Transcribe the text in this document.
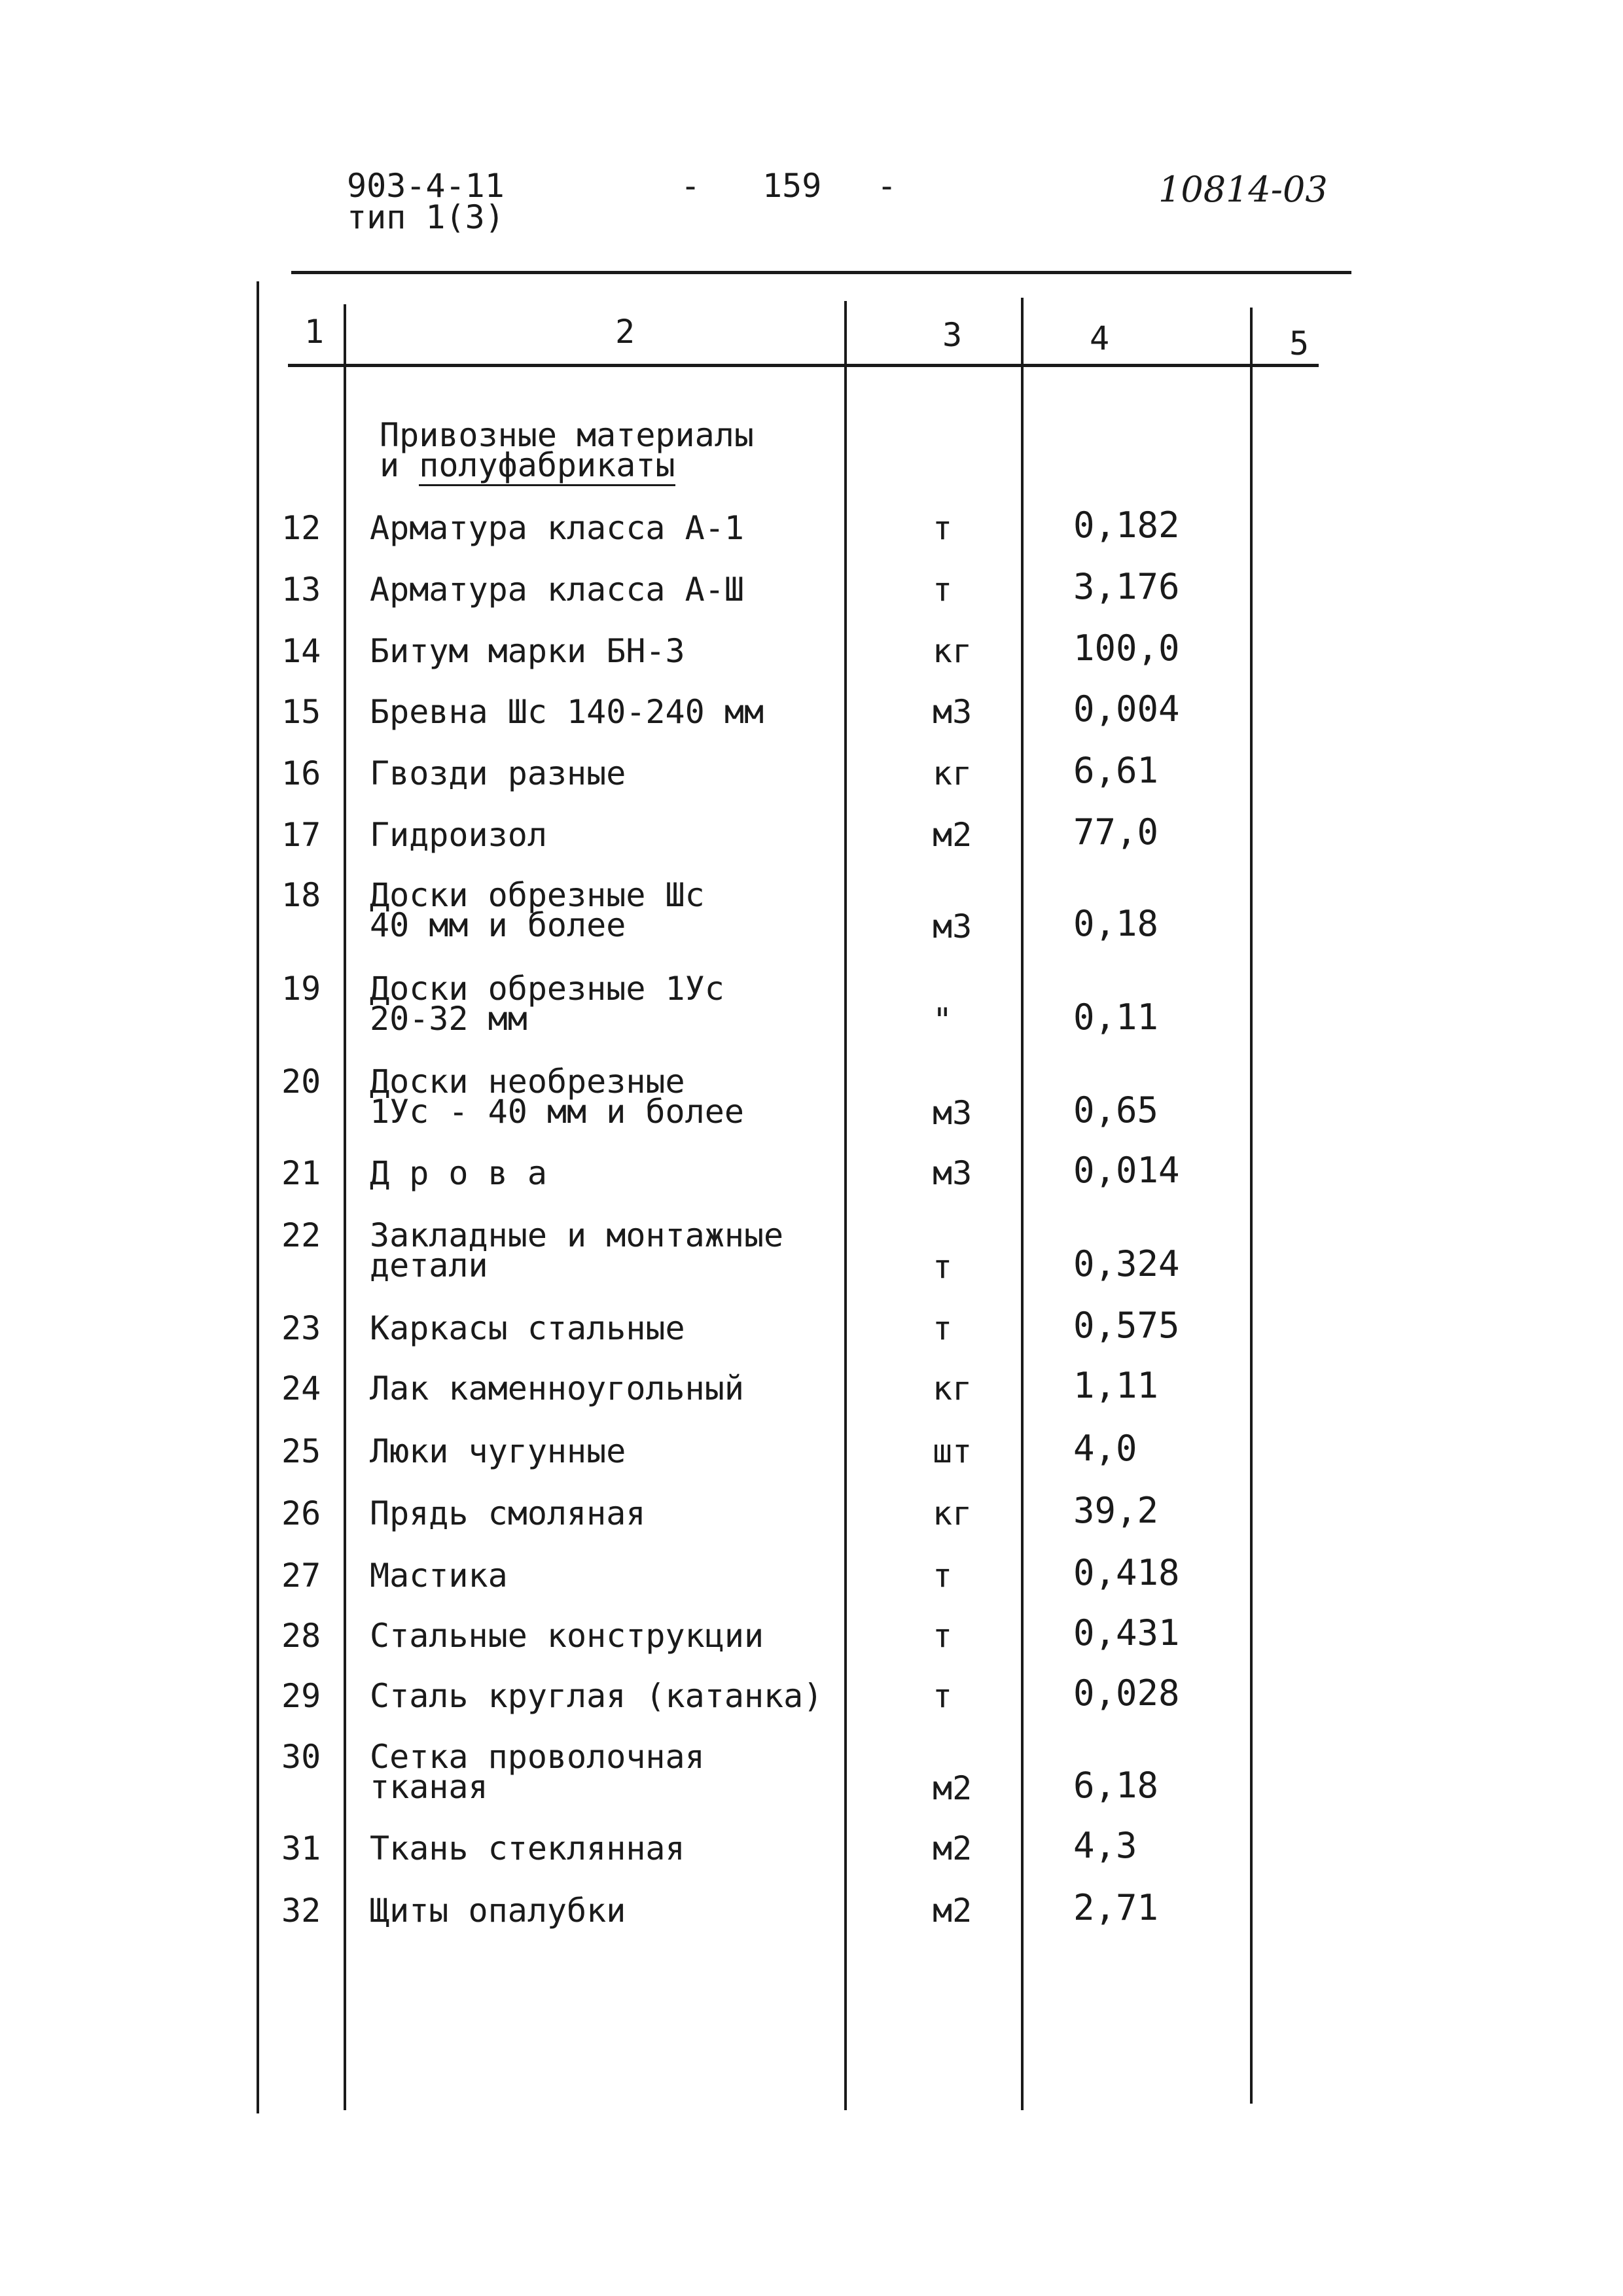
903-4-11
тип 1(3)
- 159 -	10814-03
1	2	3	4	5
Привозные материалы
и полуфабрикаты
12 Арматура класса А-1	т	0,182
13 Арматура класса А-Ш	т	3,176
14 Битум марки БН-3	кг	100,0
15 Бревна Шс 140-240 мм	м3	0,004
16 Гвозди разные	кг	6,61
17 Гидроизол	м2	77,0
18 Доски обрезные Шс
40 мм и более	м3	0,18
19 Доски обрезные 1Ус
20-32 мм	"	0,11
20 Доски необрезные
1Ус - 40 мм и более	м3	0,65
21 Д р о в а	м3	0,014
22 Закладные и монтажные
детали	т	0,324
23 Каркасы стальные	т	0,575
24 Лак каменноугольный	кг	1,11
25 Люки чугунные	шт	4,0
26 Прядь смоляная	кг	39,2
27 Мастика	т	0,418
28 Стальные конструкции	т	0,431
29 Сталь круглая (катанка)	т	0,028
30 Сетка проволочная
тканая	м2	6,18
31 Ткань стеклянная	м2	4,3
32 Щиты опалубки	м2	2,71
